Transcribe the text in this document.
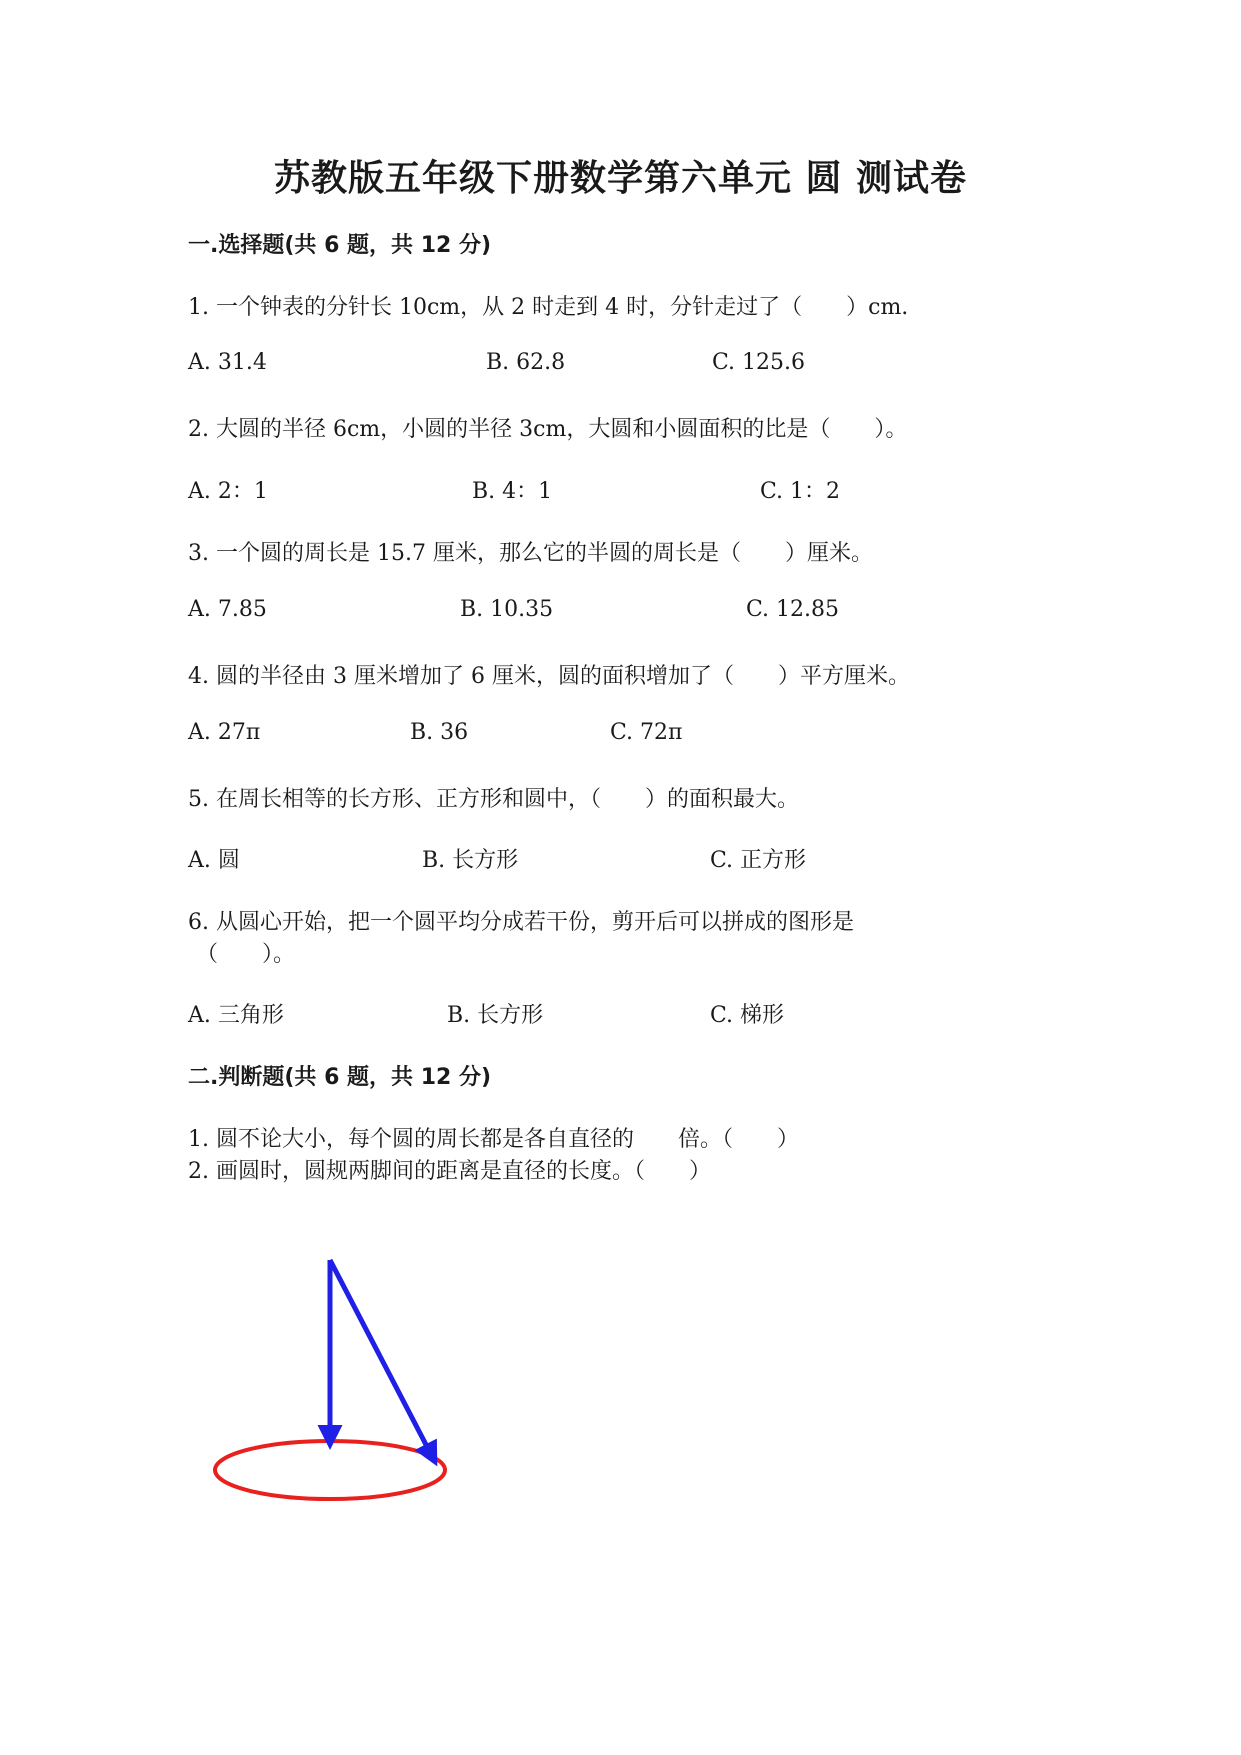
苏教版五年级下册数学第六单元 圆 测试卷
一.选择题(共 6 题，共 12 分)
1. 一个钟表的分针长 10cm，从 2 时走到 4 时，分针走过了（　　）cm.
A. 31.4	B. 62.8	C. 125.6
2. 大圆的半径 6cm，小圆的半径 3cm，大圆和小圆面积的比是（　　）。
A. 2：1	B. 4：1	C. 1：2
3. 一个圆的周长是 15.7 厘米，那么它的半圆的周长是（　　）厘米。
A. 7.85	B. 10.35	C. 12.85
4. 圆的半径由 3 厘米增加了 6 厘米，圆的面积增加了（　　）平方厘米。
A. 27π	B. 36	C. 72π
5. 在周长相等的长方形、正方形和圆中，（　　）的面积最大。
A. 圆	B. 长方形	C. 正方形
6. 从圆心开始，把一个圆平均分成若干份，剪开后可以拼成的图形是
（　　）。
A. 三角形	B. 长方形	C. 梯形
二.判断题(共 6 题，共 12 分)
1. 圆不论大小，每个圆的周长都是各自直径的　　倍。（　　）
2. 画圆时，圆规两脚间的距离是直径的长度。（　　）
